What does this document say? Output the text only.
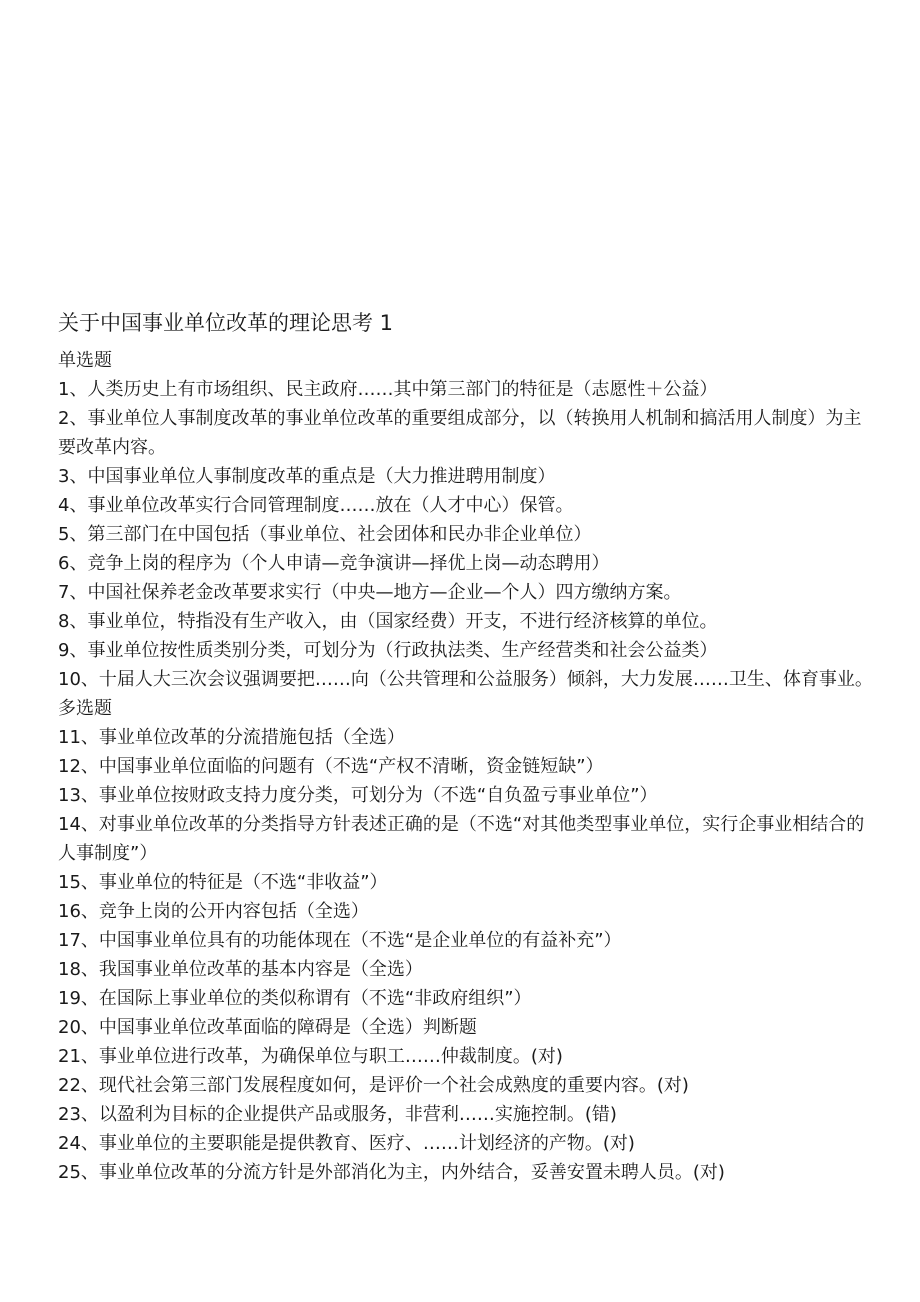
关于中国事业单位改革的理论思考 1
单选题
1、人类历史上有市场组织、民主政府……其中第三部门的特征是（志愿性＋公益）
2、事业单位人事制度改革的事业单位改革的重要组成部分，以（转换用人机制和搞活用人制度）为主要改革内容。
3、中国事业单位人事制度改革的重点是（大力推进聘用制度）
4、事业单位改革实行合同管理制度……放在（人才中心）保管。
5、第三部门在中国包括（事业单位、社会团体和民办非企业单位）
6、竞争上岗的程序为（个人申请—竞争演讲—择优上岗—动态聘用）
7、中国社保养老金改革要求实行（中央—地方—企业—个人）四方缴纳方案。
8、事业单位，特指没有生产收入，由（国家经费）开支，不进行经济核算的单位。
9、事业单位按性质类别分类，可划分为（行政执法类、生产经营类和社会公益类）
10、十届人大三次会议强调要把……向（公共管理和公益服务）倾斜，大力发展……卫生、体育事业。
多选题
11、事业单位改革的分流措施包括（全选）
12、中国事业单位面临的问题有（不选“产权不清晰，资金链短缺”）
13、事业单位按财政支持力度分类，可划分为（不选“自负盈亏事业单位”）
14、对事业单位改革的分类指导方针表述正确的是（不选“对其他类型事业单位，实行企事业相结合的人事制度”）
15、事业单位的特征是（不选“非收益”）
16、竞争上岗的公开内容包括（全选）
17、中国事业单位具有的功能体现在（不选“是企业单位的有益补充”）
18、我国事业单位改革的基本内容是（全选）
19、在国际上事业单位的类似称谓有（不选“非政府组织”）
20、中国事业单位改革面临的障碍是（全选）判断题
21、事业单位进行改革，为确保单位与职工……仲裁制度。(对)
22、现代社会第三部门发展程度如何，是评价一个社会成熟度的重要内容。(对)
23、以盈利为目标的企业提供产品或服务，非营利……实施控制。(错)
24、事业单位的主要职能是提供教育、医疗、……计划经济的产物。(对)
25、事业单位改革的分流方针是外部消化为主，内外结合，妥善安置未聘人员。(对)
